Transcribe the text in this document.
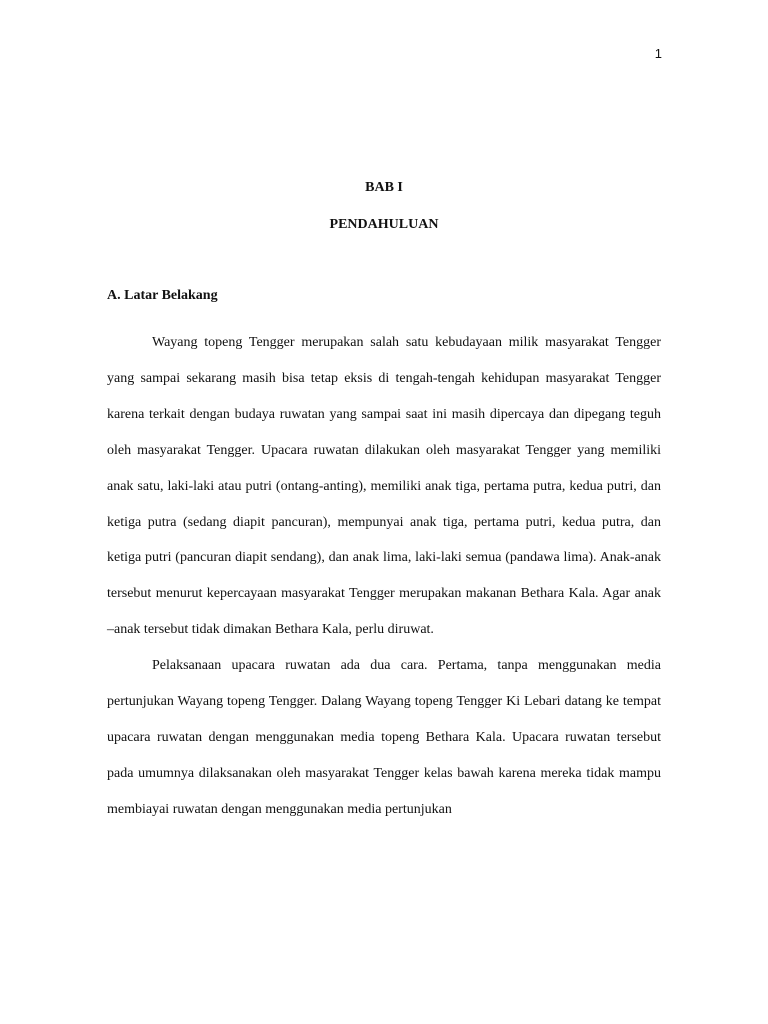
1
BAB I
PENDAHULUAN
A. Latar Belakang

Wayang topeng Tengger merupakan salah satu kebudayaan milik masyarakat Tengger yang sampai sekarang masih bisa tetap eksis di tengah-tengah kehidupan masyarakat Tengger karena terkait dengan budaya ruwatan yang sampai saat ini masih dipercaya dan dipegang teguh oleh masyarakat Tengger. Upacara ruwatan dilakukan oleh masyarakat Tengger yang memiliki anak satu, laki-laki atau putri (ontang-anting), memiliki anak tiga, pertama putra, kedua putri, dan ketiga putra (sedang diapit pancuran), mempunyai anak tiga, pertama putri, kedua putra, dan ketiga putri (pancuran diapit sendang), dan anak lima, laki-laki semua (pandawa lima). Anak-anak tersebut menurut kepercayaan masyarakat Tengger merupakan makanan Bethara Kala. Agar anak –anak tersebut tidak dimakan Bethara Kala, perlu diruwat.

Pelaksanaan upacara ruwatan ada dua cara. Pertama, tanpa menggunakan media pertunjukan Wayang topeng Tengger. Dalang Wayang topeng Tengger Ki Lebari datang ke tempat upacara ruwatan dengan menggunakan media topeng Bethara Kala. Upacara ruwatan tersebut pada umumnya dilaksanakan oleh masyarakat Tengger kelas bawah karena mereka tidak mampu membiayai ruwatan dengan menggunakan media pertunjukan
